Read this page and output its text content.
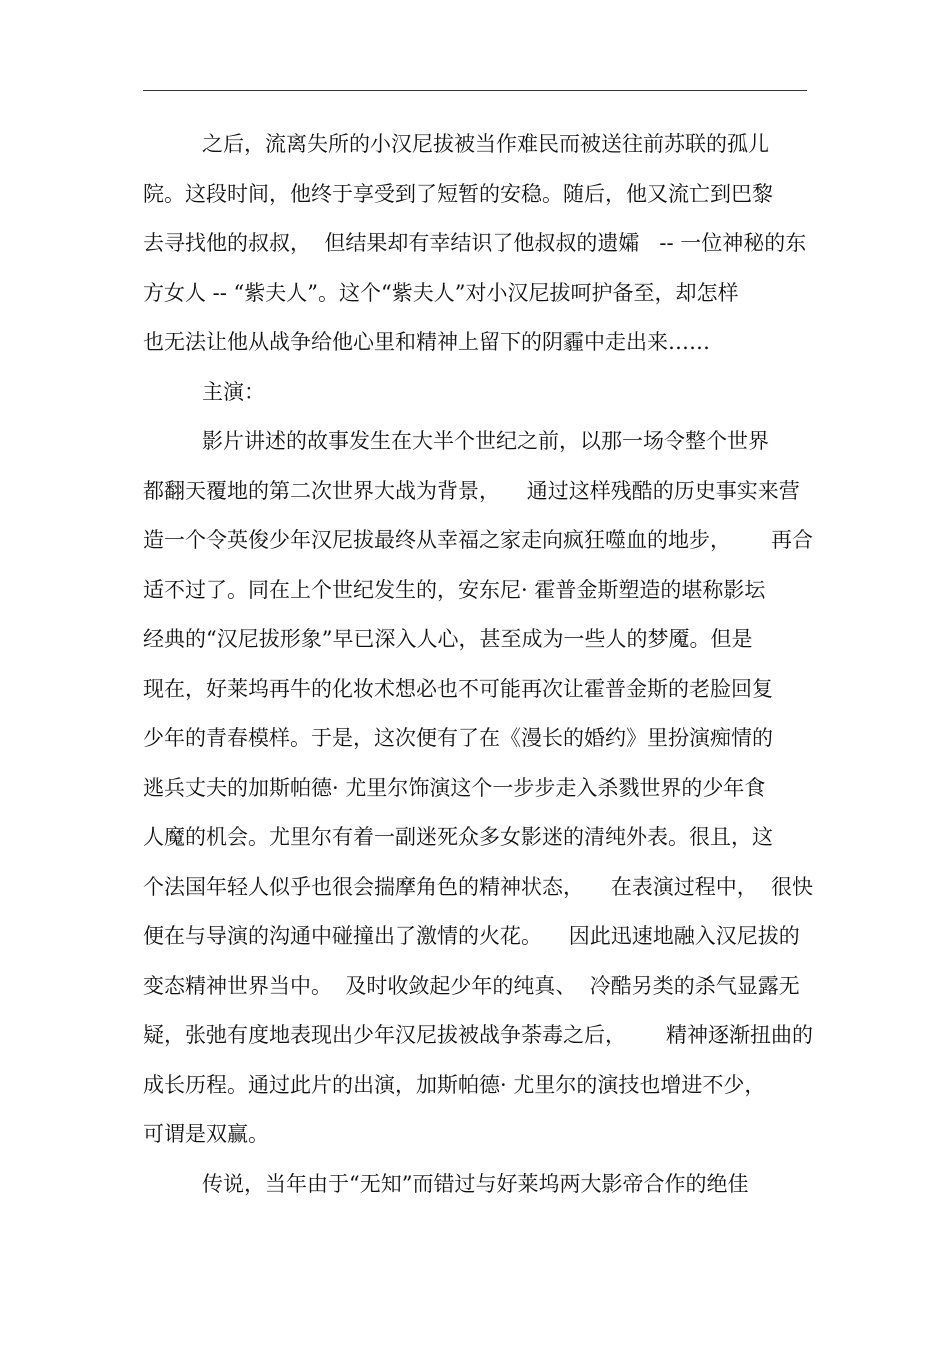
之后，流离失所的小汉尼拔被当作难民而被送往前苏联的孤儿
院。这段时间，他终于享受到了短暂的安稳。随后，他又流亡到巴黎
去寻找他的叔叔，  但结果却有幸结识了他叔叔的遗孀   -- 一位神秘的东
方女人 -- “紫夫人”。这个“紫夫人”对小汉尼拔呵护备至，却怎样
也无法让他从战争给他心里和精神上留下的阴霾中走出来……
主演：
影片讲述的故事发生在大半个世纪之前，以那一场令整个世界
都翻天覆地的第二次世界大战为背景，    通过这样残酷的历史事实来营
造一个令英俊少年汉尼拔最终从幸福之家走向疯狂噬血的地步，      再合
适不过了。同在上个世纪发生的，安东尼· 霍普金斯塑造的堪称影坛
经典的“汉尼拔形象”早已深入人心，甚至成为一些人的梦魇。但是
现在，好莱坞再牛的化妆术想必也不可能再次让霍普金斯的老脸回复
少年的青春模样。于是，这次便有了在《漫长的婚约》里扮演痴情的
逃兵丈夫的加斯帕德· 尤里尔饰演这个一步步走入杀戮世界的少年食
人魔的机会。尤里尔有着一副迷死众多女影迷的清纯外表。很且，这
个法国年轻人似乎也很会揣摩角色的精神状态，    在表演过程中，  很快
便在与导演的沟通中碰撞出了激情的火花。    因此迅速地融入汉尼拔的
变态精神世界当中。  及时收敛起少年的纯真、  冷酷另类的杀气显露无
疑，张弛有度地表现出少年汉尼拔被战争荼毒之后，      精神逐渐扭曲的
成长历程。通过此片的出演，加斯帕德· 尤里尔的演技也增进不少，
可谓是双赢。
传说，当年由于“无知”而错过与好莱坞两大影帝合作的绝佳
